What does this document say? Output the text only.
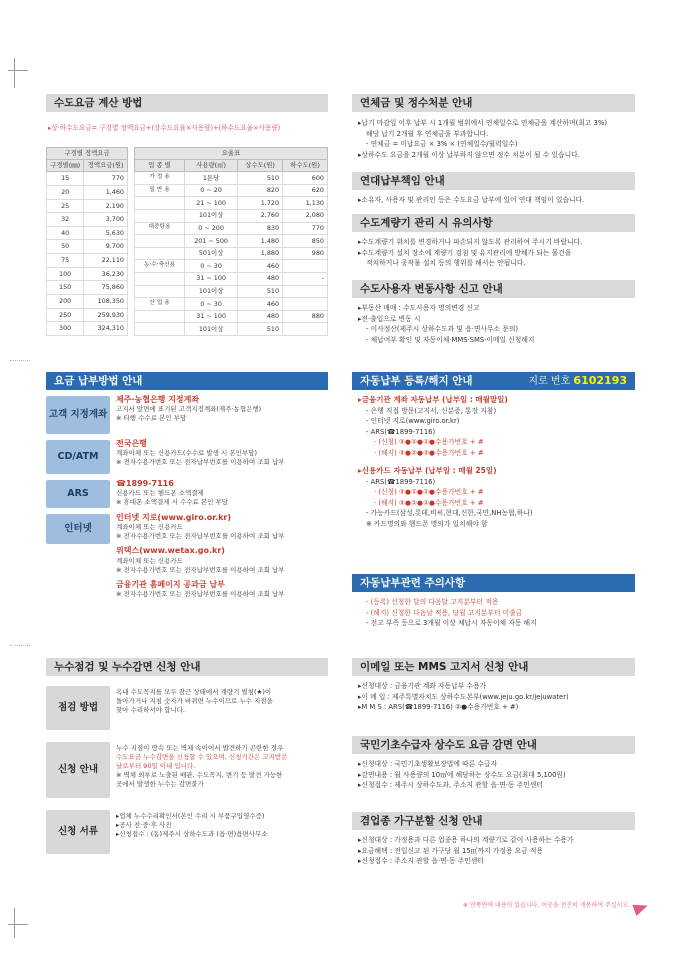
수도요금 계산 방법
▸상·하수도요금= 구경별 정액요금+(상수도요율×사용량)+(하수도요율×사용량)
구경별 정액요금	
구경별(㎜)	정액요금(원)
15	770
20	1,460
25	2,190
32	3,700
40	5,630
50	9,700
75	22,110
100	36,230
150	75,860
200	108,350
250	259,930
300	324,310
요율표			
업 종 별	사용량(㎥)	상수도(원)	하수도(원)
가 정 용	1톤당	510	600
일 반 용	0 ~ 20	820	620
	21 ~ 100	1,720	1,130
	101이상	2,760	2,080
대중탕용	0 ~ 200	830	770
	201 ~ 500	1,480	850
	501이상	1,880	980
농·수·축산용	0 ~ 30	460	
	31 ~ 100	480	-
	101이상	510	
산 업 용	0 ~ 30	460	
	31 ~ 100	480	880
	101이상	510	
연체금 및 정수처분 안내
▸납기 마감일 이후 납부 시 1개월 범위에서 연체일수로 연체금을 계산하며(최고 3%)
해당 납기 2개월 후 연체금을 부과합니다.
- 연체금 = 미납요금 × 3% × (연체일수/월력일수)
▸상하수도 요금을 2개월 이상 납부하지 않으면 정수 처분이 될 수 있습니다.
연대납부책임 안내
▸소유자, 사용자 및 관리인 등은 수도요금 납부에 있어 연대 책임이 있습니다.
수도계량기 관리 시 유의사항
▸수도계량기 위치를 변경하거나 파손되지 않도록 관리하여 주시기 바랍니다.
▸수도계량기 설치 장소에 계량기 검침 및 유지관리에 방해가 되는 물건을
적치하거나 공작물 설치 등의 행위를 해서는 안됩니다.
수도사용자 변동사항 신고 안내
▸부동산 매매 : 수도사용자 명의변경 신고
▸전·출입으로 변동 시
- 이사정산(제주시 상하수도과 및 읍·면사무소 문의)
- 체납여부 확인 및 자동이체·MMS·SMS·이메일 신청해지
요금 납부방법 안내
고객 지정계좌
제주·농협은행 지정계좌
고지서 앞면에 표기된 고객지정계좌(제주·농협은행)
※ 타행 수수료 본인 부담
CD/ATM
전국은행
계좌이체 또는 신용카드(수수료 발생 시 본인부담)
※ 전자수용가번호 또는 전자납부번호를 이용하여 조회 납부
ARS
☎1899-7116
신용카드 또는 핸드폰 소액결제
※ 휴대폰 소액결제 시 수수료 본인 부담
인터넷
인터넷 지로(www.giro.or.kr)
계좌이체 또는 신용카드
※ 전자수용가번호 또는 전자납부번호를 이용하여 조회 납부
위택스(www.wetax.go.kr)
계좌이체 또는 신용카드
※ 전자수용가번호 또는 전자납부번호를 이용하여 조회 납부
금융기관 홈페이지 공과금 납부
※ 전자수용가번호 또는 전자납부번호를 이용하여 조회 납부
자동납부 등록/해지 안내	지로 번호 6102193
▸금융기관 계좌 자동납부 (납부일 : 매월말일)
- 은행 직접 방문(고지서, 신분증, 통장 지참)
- 인터넷 지로(www.giro.or.kr)
- ARS(☎1899-7116)
· (신청) ③●②●①●수용가번호 + #
· (해지) ③●②●③●수용가번호 + #
▸신용카드 자동납부 (납부일 : 매월 25일)
- ARS(☎1899-7116)
· (신청) ③●①●①●수용가번호 + #
· (해지) ③●①●②●수용가번호 + #
- 가능카드(삼성,롯데,비씨,현대,신한,국민,NH농협,하나)
※ 카드명의와 핸드폰 명의가 일치해야 함
자동납부관련 주의사항
- (등록) 신청한 달의 다음달 고지분부터 적용
- (해지) 신청한 다음날 적용, 당월 고지분부터 미출금
- 전고 부족 등으로 3개월 이상 체납시 자동이체 자동 해지
누수점검 및 누수감면 신청 안내
점검 방법
옥내 수도꼭지를 모두 잠근 상태에서 계량기 별침(★)이
돌아가거나 지침 숫자가 바뀌면 누수이므로 누수 지점을
찾아 수리하셔야 합니다.
신청 안내
누수 지점이 땅속 또는 벽체 속이어서 발견하기 곤란한 경우
수도요금 누수감면을 신청할 수 있으며, 신청기간은 고지받은
날로부터 90일 이내 입니다.
※ 벽체 외부로 노출된 배관, 수도꼭지, 변기 등 발견 가능한
곳에서 발생한 누수는 감면불가
신청 서류
▸업체 누수수리확인서(본인 수리 시 부품구입영수증)
▸공사 전·중·후 사진
▸신청접수 : (동)제주시 상하수도과 (읍·면)읍면사무소
이메일 또는 MMS 고지서 신청 안내
▸신청대상 : 금융기관 계좌 자동납부 수용가
▸이 메 일 : 제주특별자치도 상하수도본부(www.jeju.go.kr/jejuwater)
▸M M S : ARS(☎1899-7116) ②●수용가번호 + #)
국민기초수급자 상수도 요금 감면 안내
▸신청대상 : 국민기초생활보장법에 따른 수급자
▸감면내용 : 월 사용량의 10㎥에 해당하는 상수도 요금(최대 5,100원)
▸신청접수 : 제주시 상하수도과, 주소지 관할 읍·면·동 주민센터
겸업종 가구분할 신청 안내
▸신청대상 : 가정용과 다른 업종용 하나의 계량기로 같이 사용하는 수용가
▸요금혜택 : 전입신고 된 가구당 월 15㎥까지 가정용 요금 적용
▸신청접수 : 주소지 관할 읍·면·동 주민센터
※ 안쪽면에 내용이 있습니다. 이곳을 전진히 개봉하여 주십시오.
